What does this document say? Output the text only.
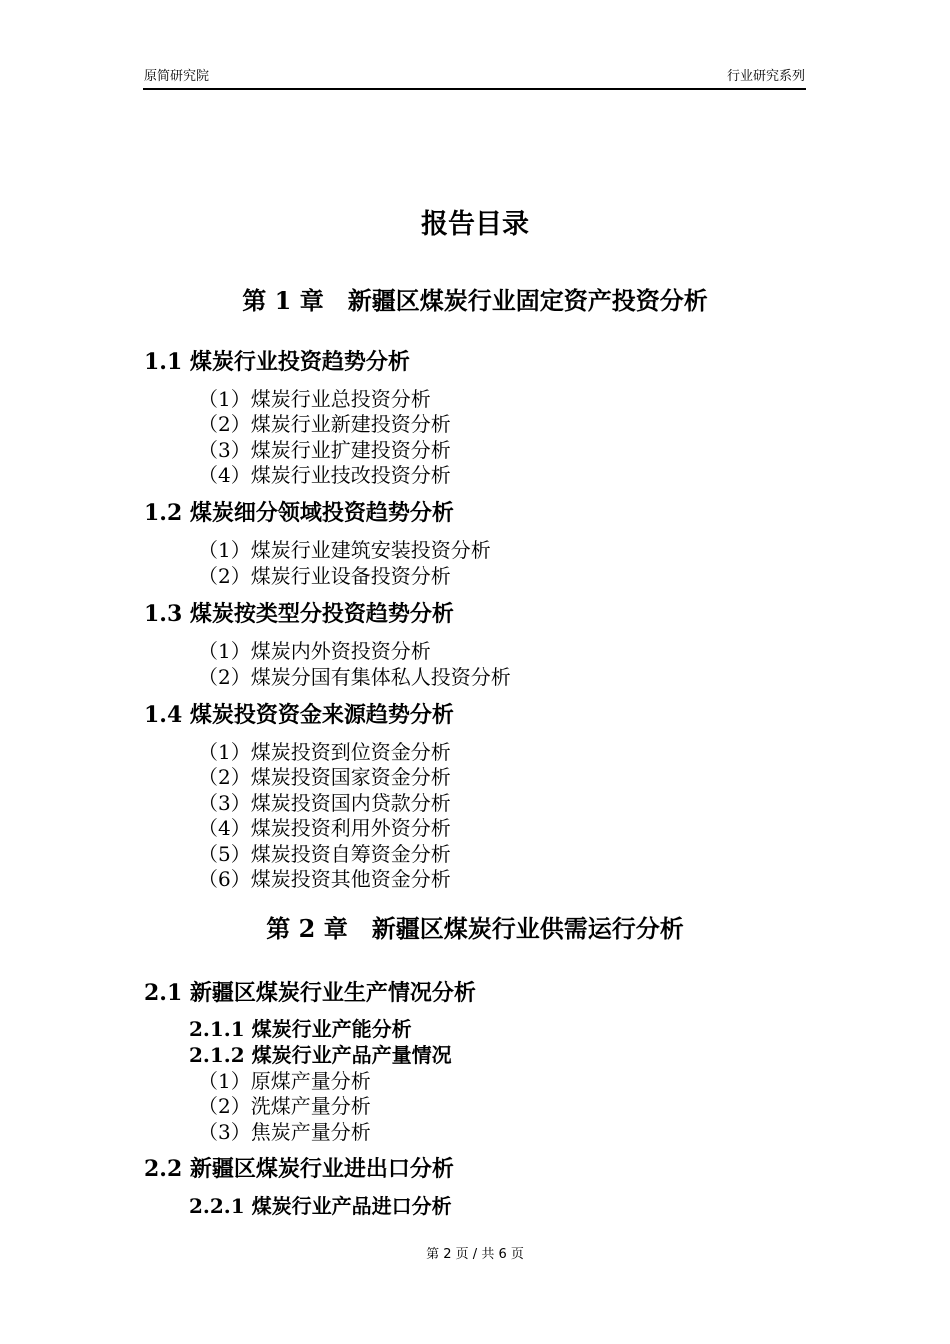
原简研究院	行业研究系列
报告目录
第 1 章　新疆区煤炭行业固定资产投资分析
1.1 煤炭行业投资趋势分析
（1）煤炭行业总投资分析
（2）煤炭行业新建投资分析
（3）煤炭行业扩建投资分析
（4）煤炭行业技改投资分析
1.2 煤炭细分领域投资趋势分析
（1）煤炭行业建筑安装投资分析
（2）煤炭行业设备投资分析
1.3 煤炭按类型分投资趋势分析
（1）煤炭内外资投资分析
（2）煤炭分国有集体私人投资分析
1.4 煤炭投资资金来源趋势分析
（1）煤炭投资到位资金分析
（2）煤炭投资国家资金分析
（3）煤炭投资国内贷款分析
（4）煤炭投资利用外资分析
（5）煤炭投资自筹资金分析
（6）煤炭投资其他资金分析
第 2 章　新疆区煤炭行业供需运行分析
2.1 新疆区煤炭行业生产情况分析
2.1.1 煤炭行业产能分析
2.1.2 煤炭行业产品产量情况
（1）原煤产量分析
（2）洗煤产量分析
（3）焦炭产量分析
2.2 新疆区煤炭行业进出口分析
2.2.1 煤炭行业产品进口分析
第 2 页 / 共 6 页
